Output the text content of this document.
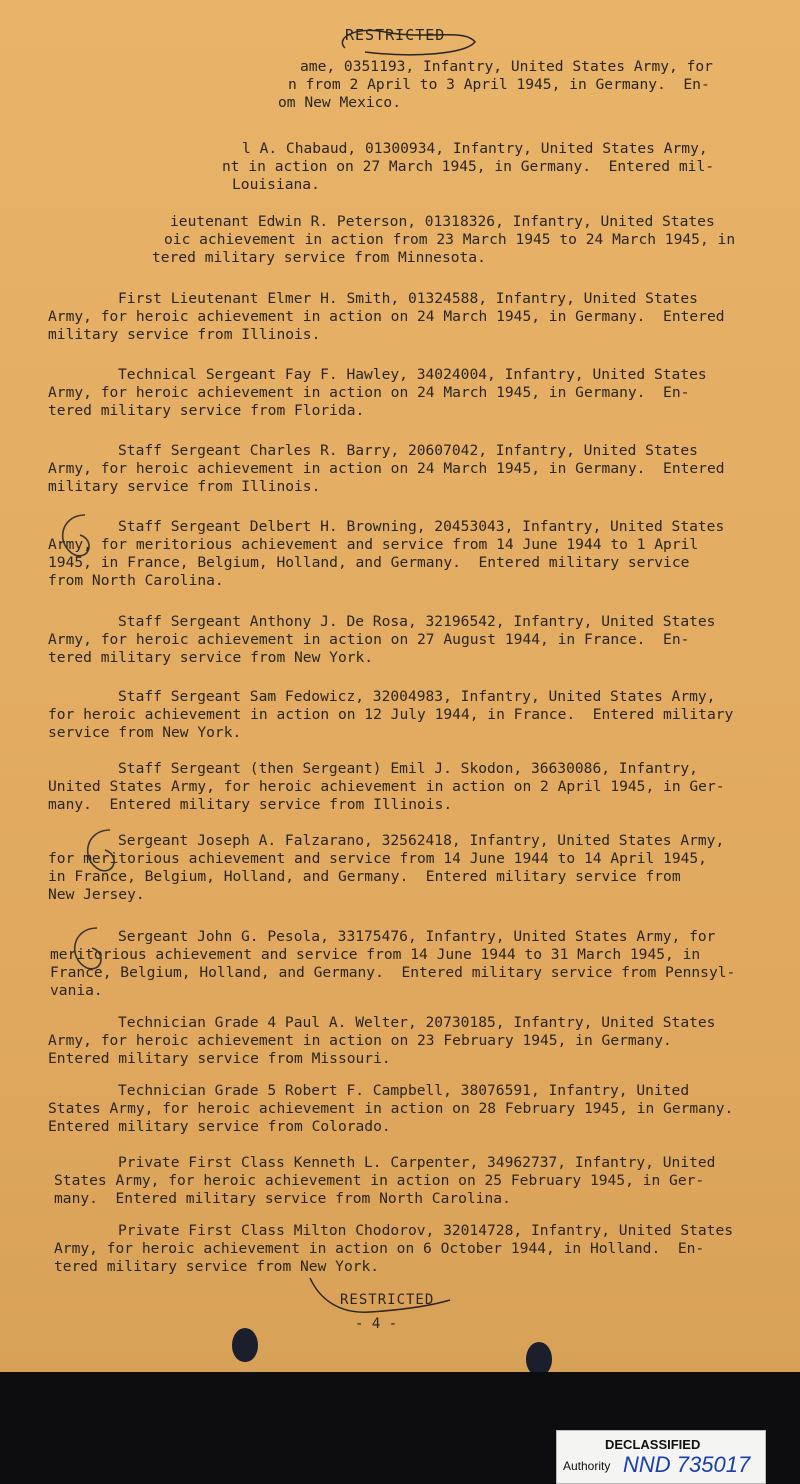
RESTRICTED
ame, 0351193, Infantry, United States Army, for
n from 2 April to 3 April 1945, in Germany.  En-
om New Mexico.
l A. Chabaud, 01300934, Infantry, United States Army,
nt in action on 27 March 1945, in Germany.  Entered mil-
Louisiana.
ieutenant Edwin R. Peterson, 01318326, Infantry, United States
oic achievement in action from 23 March 1945 to 24 March 1945, in
tered military service from Minnesota.
First Lieutenant Elmer H. Smith, 01324588, Infantry, United States
Army, for heroic achievement in action on 24 March 1945, in Germany.  Entered
military service from Illinois.
Technical Sergeant Fay F. Hawley, 34024004, Infantry, United States
Army, for heroic achievement in action on 24 March 1945, in Germany.  En-
tered military service from Florida.
Staff Sergeant Charles R. Barry, 20607042, Infantry, United States
Army, for heroic achievement in action on 24 March 1945, in Germany.  Entered
military service from Illinois.
Staff Sergeant Delbert H. Browning, 20453043, Infantry, United States
Army, for meritorious achievement and service from 14 June 1944 to 1 April
1945, in France, Belgium, Holland, and Germany.  Entered military service
from North Carolina.
Staff Sergeant Anthony J. De Rosa, 32196542, Infantry, United States
Army, for heroic achievement in action on 27 August 1944, in France.  En-
tered military service from New York.
Staff Sergeant Sam Fedowicz, 32004983, Infantry, United States Army,
for heroic achievement in action on 12 July 1944, in France.  Entered military
service from New York.
Staff Sergeant (then Sergeant) Emil J. Skodon, 36630086, Infantry,
United States Army, for heroic achievement in action on 2 April 1945, in Ger-
many.  Entered military service from Illinois.
Sergeant Joseph A. Falzarano, 32562418, Infantry, United States Army,
for meritorious achievement and service from 14 June 1944 to 14 April 1945,
in France, Belgium, Holland, and Germany.  Entered military service from
New Jersey.
Sergeant John G. Pesola, 33175476, Infantry, United States Army, for
meritorious achievement and service from 14 June 1944 to 31 March 1945, in
France, Belgium, Holland, and Germany.  Entered military service from Pennsyl-
vania.
Technician Grade 4 Paul A. Welter, 20730185, Infantry, United States
Army, for heroic achievement in action on 23 February 1945, in Germany.
Entered military service from Missouri.
Technician Grade 5 Robert F. Campbell, 38076591, Infantry, United
States Army, for heroic achievement in action on 28 February 1945, in Germany.
Entered military service from Colorado.
Private First Class Kenneth L. Carpenter, 34962737, Infantry, United
States Army, for heroic achievement in action on 25 February 1945, in Ger-
many.  Entered military service from North Carolina.
Private First Class Milton Chodorov, 32014728, Infantry, United States
Army, for heroic achievement in action on 6 October 1944, in Holland.  En-
tered military service from New York.
RESTRICTED
- 4 -
DECLASSIFIED
Authority NND 735017
